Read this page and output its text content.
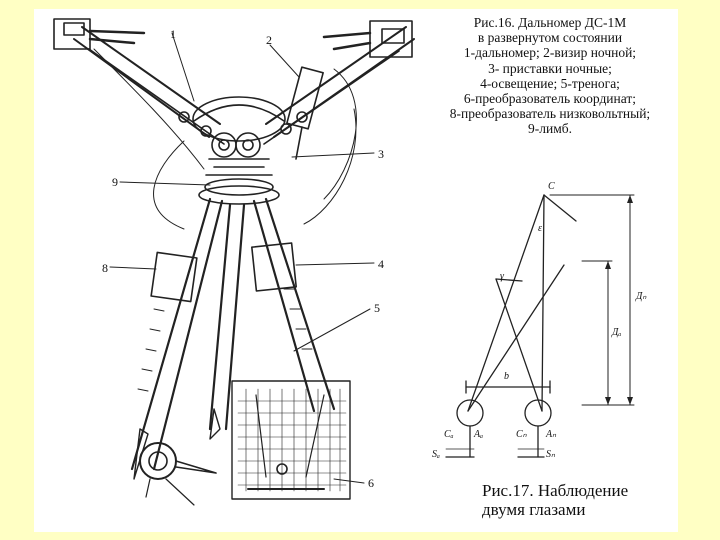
1	2
3
4
5
6
8
9
Рис.16. Дальномер ДС-1М
в развернутом состоянии
1-дальномер; 2-визир ночной;
3- приставки ночные;
4-освещение; 5-тренога;
6-преобразователь координат;
8-преобразователь низковольтный;
9-лимб.
C
ε
γ
Дₙ
Дₐ
b
Сₐ Aₐ
Sₐ
Сₙ Aₙ
Sₙ
Рис.17. Наблюдение
двумя глазами
